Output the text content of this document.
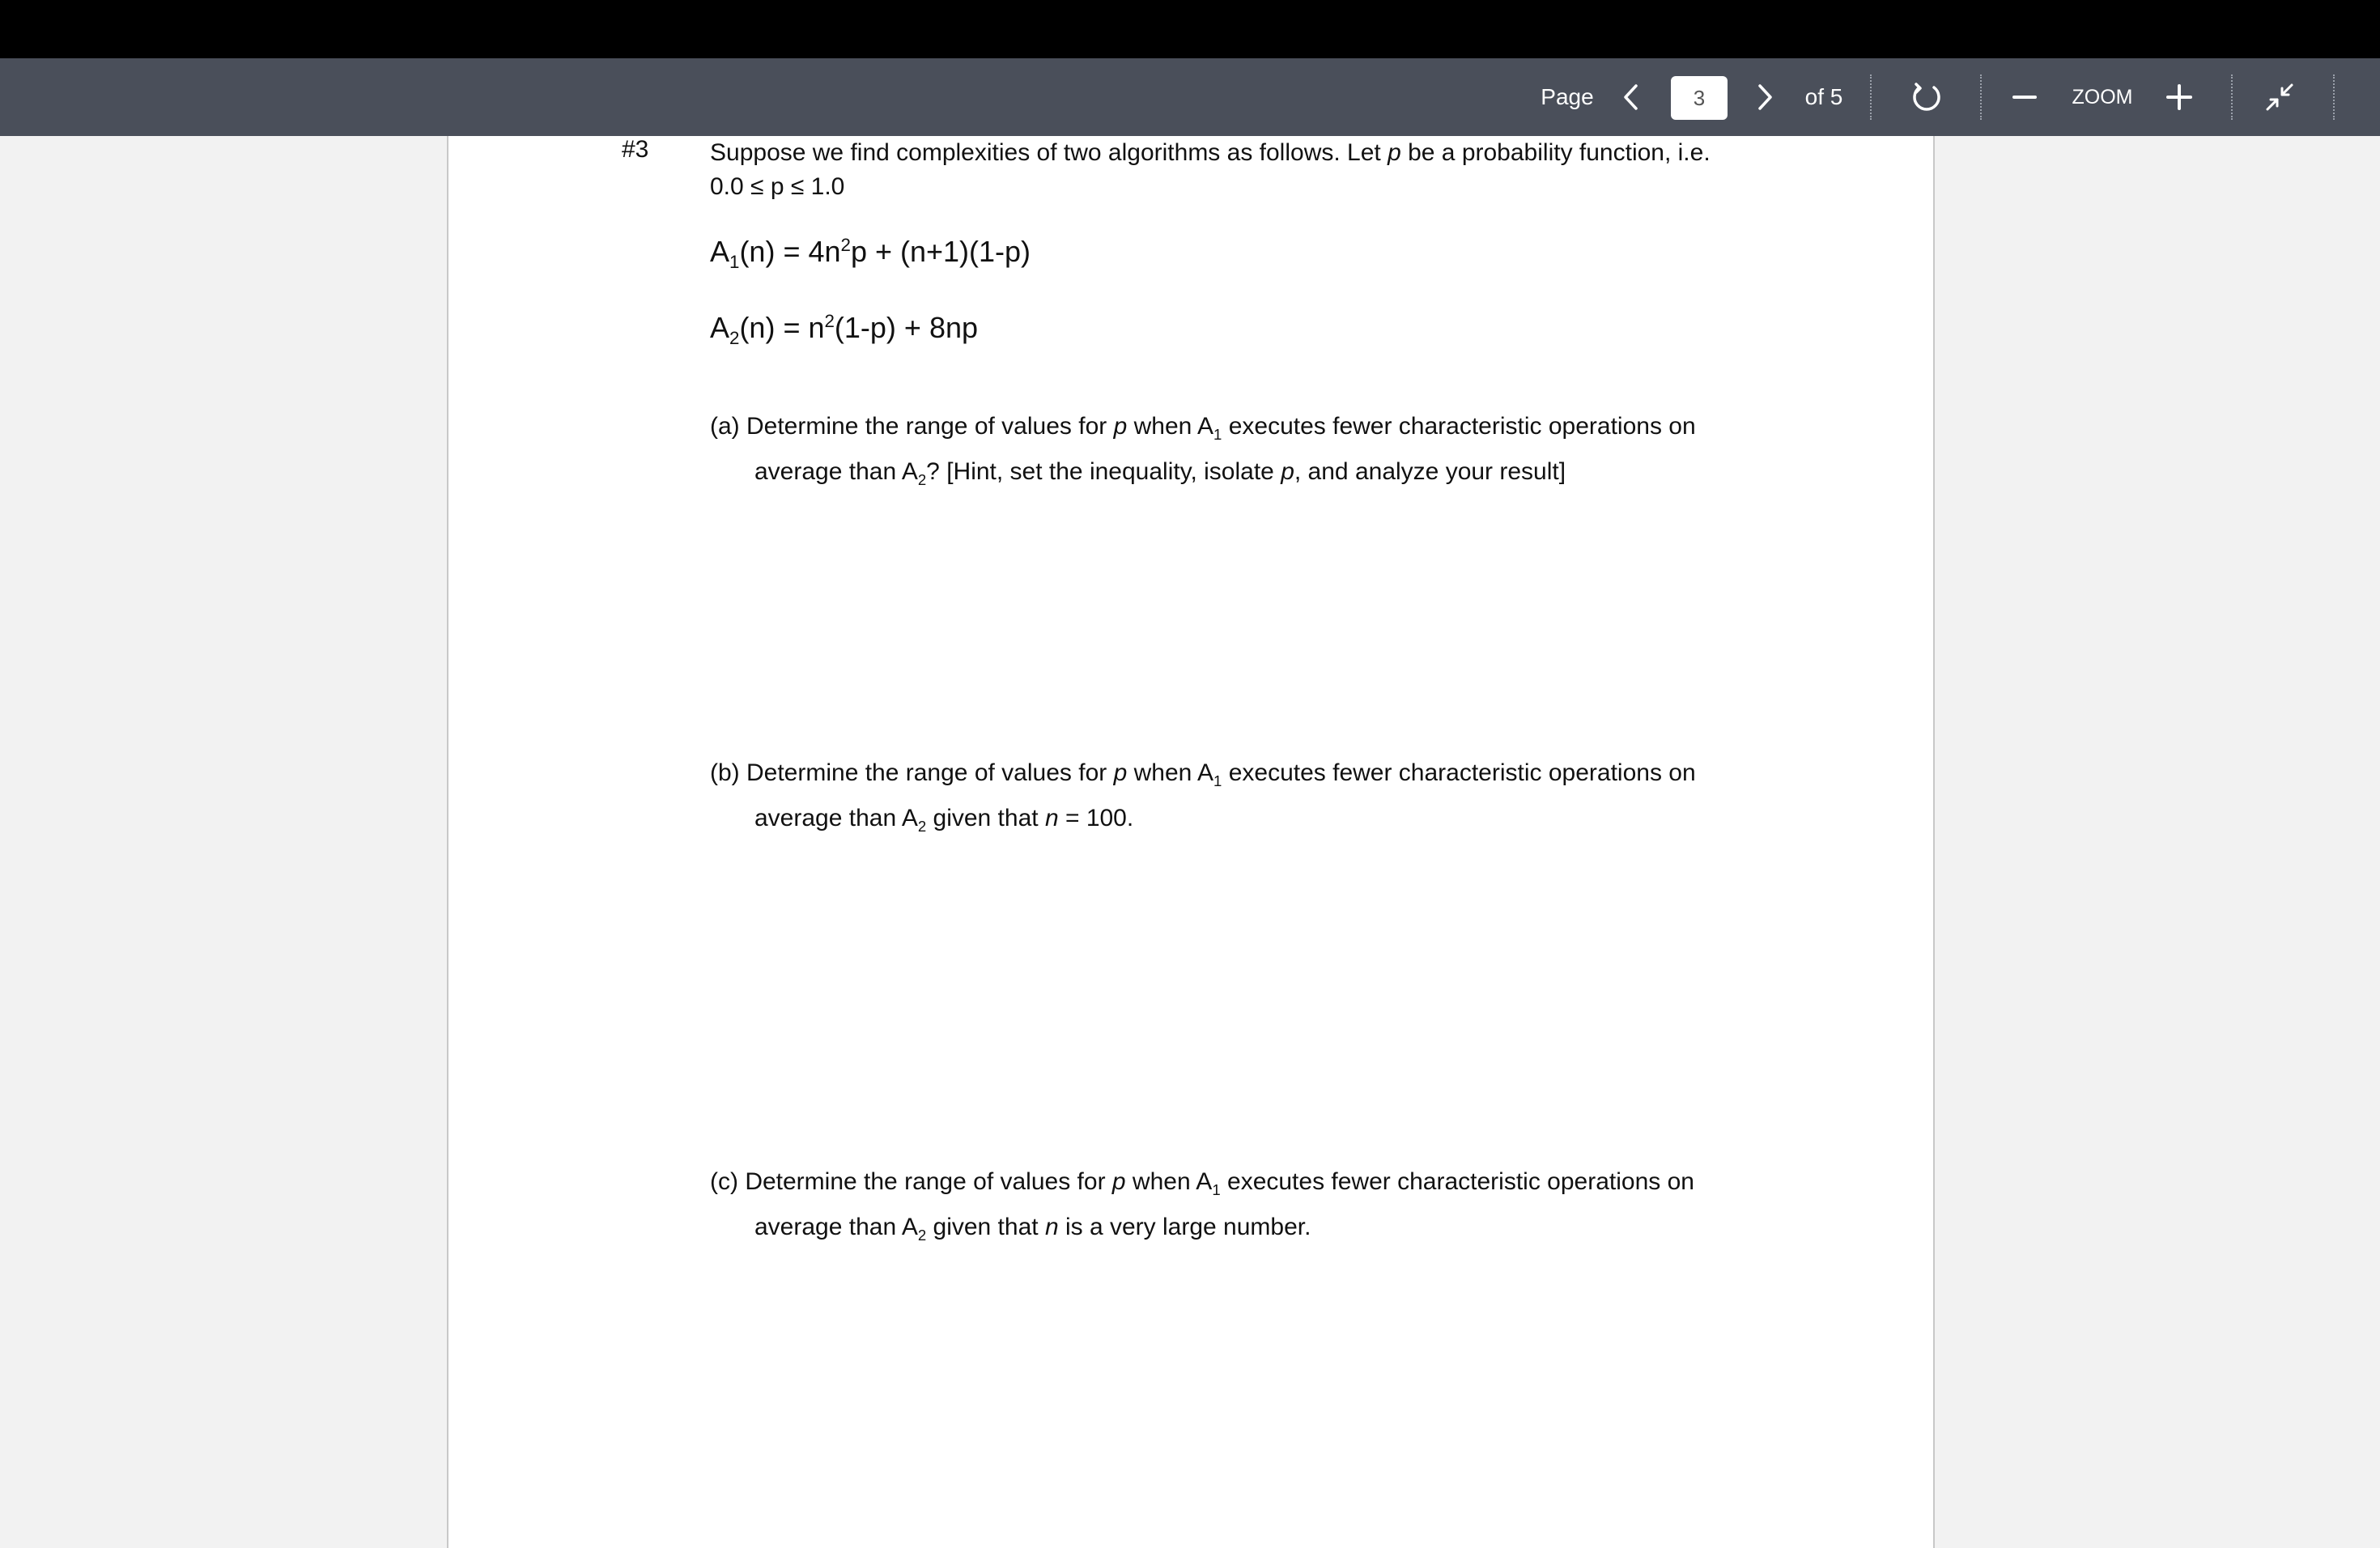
#3	Suppose we find complexities of two algorithms as follows. Let p be a probability function, i.e.
0.0 ≤ p ≤ 1.0
$A_1(n) = 4n^2p + (n+1)(1-p)$
$A_2(n) = n^2(1-p) + 8np$
(a) Determine the range of values for p when $A_1$ executes fewer characteristic operations on
average than $A_2$? [Hint, set the inequality, isolate p, and analyze your result]
(b) Determine the range of values for p when $A_1$ executes fewer characteristic operations on
average than $A_2$ given that n = 100.
(c) Determine the range of values for p when $A_1$ executes fewer characteristic operations on
average than $A_2$ given that n is a very large number.
Page
3	of 5	ZOOM
